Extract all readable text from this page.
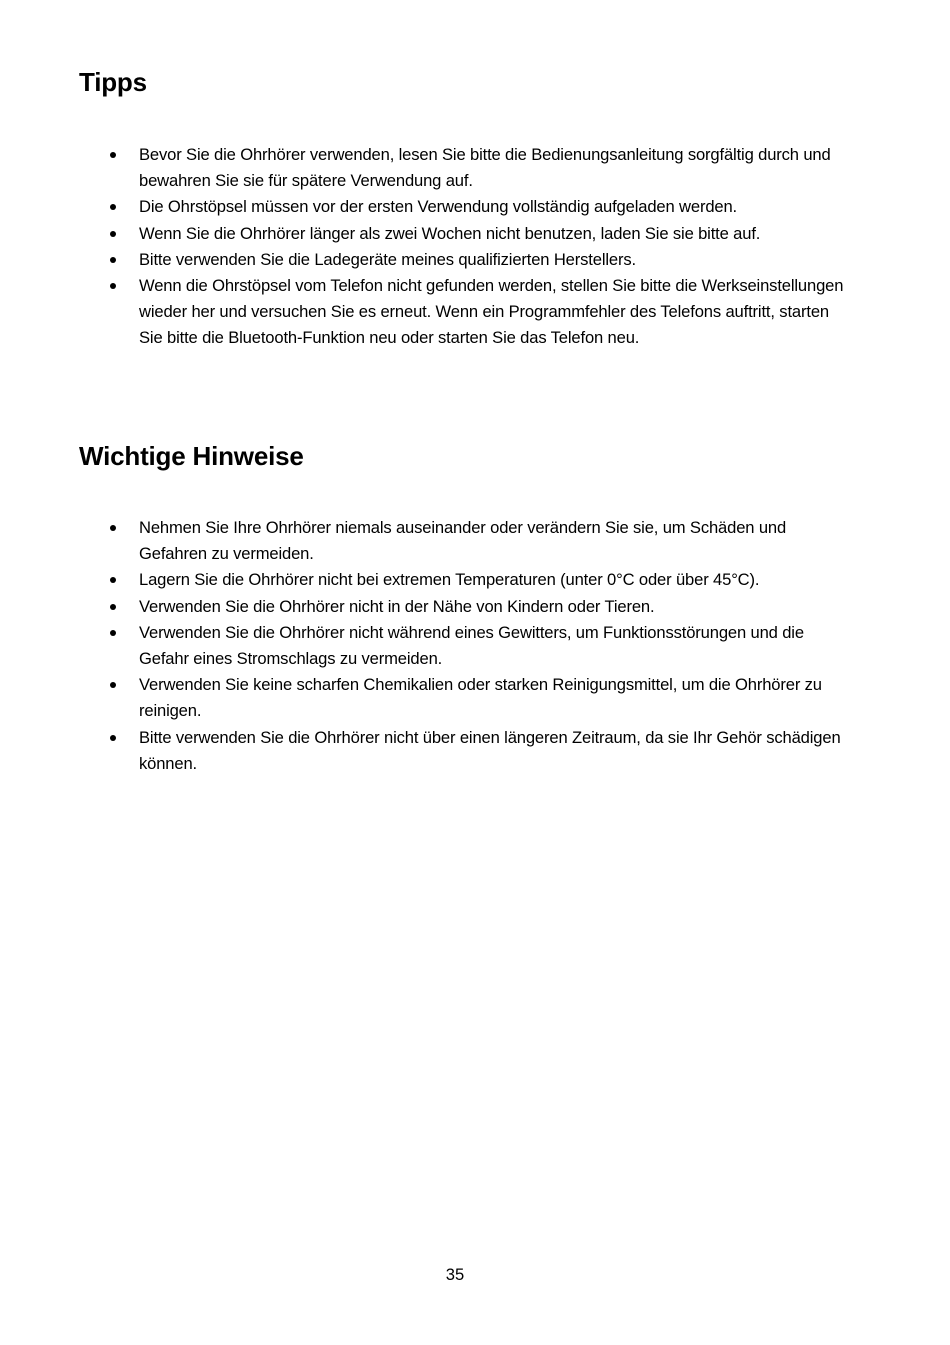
Tipps
Bevor Sie die Ohrhörer verwenden, lesen Sie bitte die Bedienungsanleitung sorgfältig durch und bewahren Sie sie für spätere Verwendung auf.
Die Ohrstöpsel müssen vor der ersten Verwendung vollständig aufgeladen werden.
Wenn Sie die Ohrhörer länger als zwei Wochen nicht benutzen, laden Sie sie bitte auf.
Bitte verwenden Sie die Ladegeräte meines qualifizierten Herstellers.
Wenn die Ohrstöpsel vom Telefon nicht gefunden werden, stellen Sie bitte die Werkseinstellungen wieder her und versuchen Sie es erneut. Wenn ein Programmfehler des Telefons auftritt, starten Sie bitte die Bluetooth-Funktion neu oder starten Sie das Telefon neu.
Wichtige Hinweise
Nehmen Sie Ihre Ohrhörer niemals auseinander oder verändern Sie sie, um Schäden und Gefahren zu vermeiden.
Lagern Sie die Ohrhörer nicht bei extremen Temperaturen (unter 0°C oder über 45°C).
Verwenden Sie die Ohrhörer nicht in der Nähe von Kindern oder Tieren.
Verwenden Sie die Ohrhörer nicht während eines Gewitters, um Funktionsstörungen und die Gefahr eines Stromschlags zu vermeiden.
Verwenden Sie keine scharfen Chemikalien oder starken Reinigungsmittel, um die Ohrhörer zu reinigen.
Bitte verwenden Sie die Ohrhörer nicht über einen längeren Zeitraum, da sie Ihr Gehör schädigen können.
35
